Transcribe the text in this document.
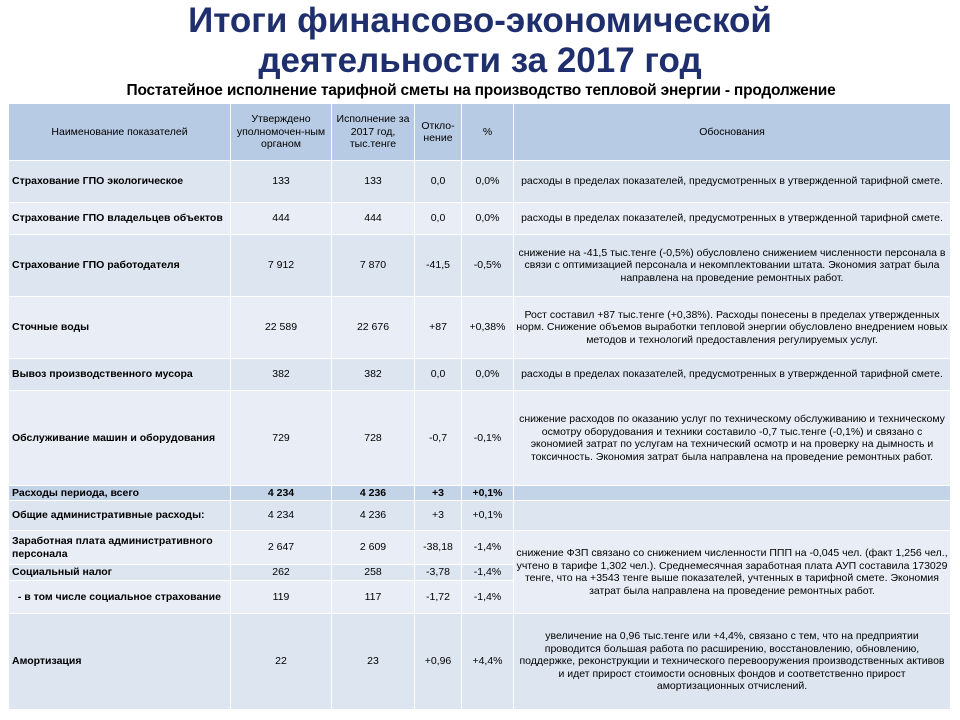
Итоги финансово-экономической
деятельности за 2017 год
Постатейное исполнение тарифной сметы на производство тепловой энергии - продолжение
Наименование показателей	Утверждено уполномочен-ным органом	Исполнение за 2017 год, тыс.тенге	Откло-нение	%	Обоснования
Страхование ГПО экологическое	133	133	0,0	0,0%	расходы в пределах показателей, предусмотренных в утвержденной тарифной смете.
Страхование ГПО владельцев объектов	444	444	0,0	0,0%	расходы в пределах показателей, предусмотренных в утвержденной тарифной смете.
Страхование ГПО работодателя	7 912	7 870	-41,5	-0,5%	снижение на -41,5 тыс.тенге (-0,5%) обусловлено снижением численности персонала в связи с оптимизацией персонала и некомплектовании штата. Экономия затрат была направлена на проведение ремонтных работ.
Сточные воды	22 589	22 676	+87	+0,38%	Рост составил +87 тыс.тенге (+0,38%). Расходы понесены в пределах утвержденных норм. Снижение объемов выработки тепловой энергии обусловлено внедрением новых методов и технологий предоставления регулируемых услуг.
Вывоз производственного мусора	382	382	0,0	0,0%	расходы в пределах показателей, предусмотренных в утвержденной тарифной смете.
Обслуживание машин и оборудования	729	728	-0,7	-0,1%	снижение расходов по оказанию услуг по техническому обслуживанию и техническому осмотру оборудования и техники составило -0,7 тыс.тенге (-0,1%) и связано с экономией затрат по услугам на технический осмотр и на проверку на дымность и токсичность. Экономия затрат была направлена на проведение ремонтных работ.
Расходы периода, всего	4 234	4 236	+3	+0,1%	
Общие административные расходы:	4 234	4 236	+3	+0,1%	
Заработная плата административного персонала	2 647	2 609	-38,18	-1,4%	снижение ФЗП связано со снижением численности ППП на -0,045 чел. (факт 1,256 чел., учтено в тарифе 1,302 чел.). Среднемесячная заработная плата АУП составила 173029 тенге, что на +3543 тенге выше показателей, учтенных в тарифной смете. Экономия затрат была направлена на проведение ремонтных работ.
Социальный налог	262	258	-3,78	-1,4%	
- в том числе социальное страхование	119	117	-1,72	-1,4%	
Амортизация	22	23	+0,96	+4,4%	увеличение на 0,96 тыс.тенге или +4,4%, связано с тем, что на предприятии проводится большая работа по расширению, восстановлению, обновлению, поддержке, реконструкции и технического перевооружения производственных активов и идет прирост стоимости основных фондов и соответственно прирост амортизационных отчислений.
